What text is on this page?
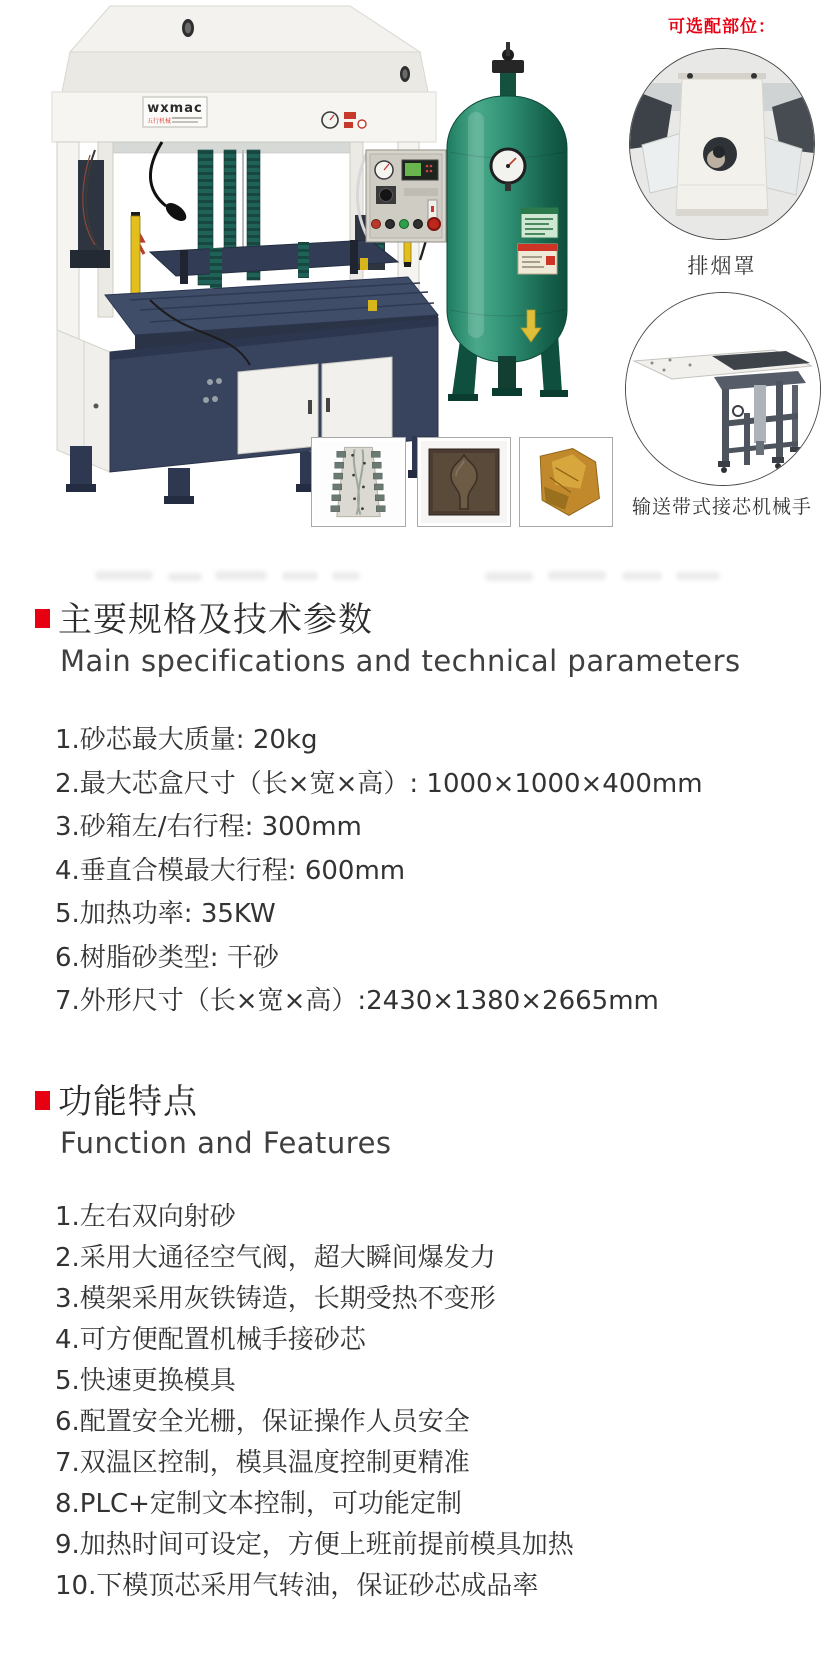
wxmac
五行机械
可选配部位：
排烟罩
输送带式接芯机械手
主要规格及技术参数
Main specifications and technical parameters
1.砂芯最大质量: 20kg
2.最大芯盒尺寸（长×宽×高）: 1000×1000×400mm
3.砂箱左/右行程: 300mm
4.垂直合模最大行程: 600mm
5.加热功率: 35KW
6.树脂砂类型: 干砂
7.外形尺寸（长×宽×高）:2430×1380×2665mm
功能特点
Function and Features
1.左右双向射砂
2.采用大通径空气阀，超大瞬间爆发力
3.模架采用灰铁铸造，长期受热不变形
4.可方便配置机械手接砂芯
5.快速更换模具
6.配置安全光栅，保证操作人员安全
7.双温区控制，模具温度控制更精准
8.PLC+定制文本控制，可功能定制
9.加热时间可设定，方便上班前提前模具加热
10.下模顶芯采用气转油，保证砂芯成品率
